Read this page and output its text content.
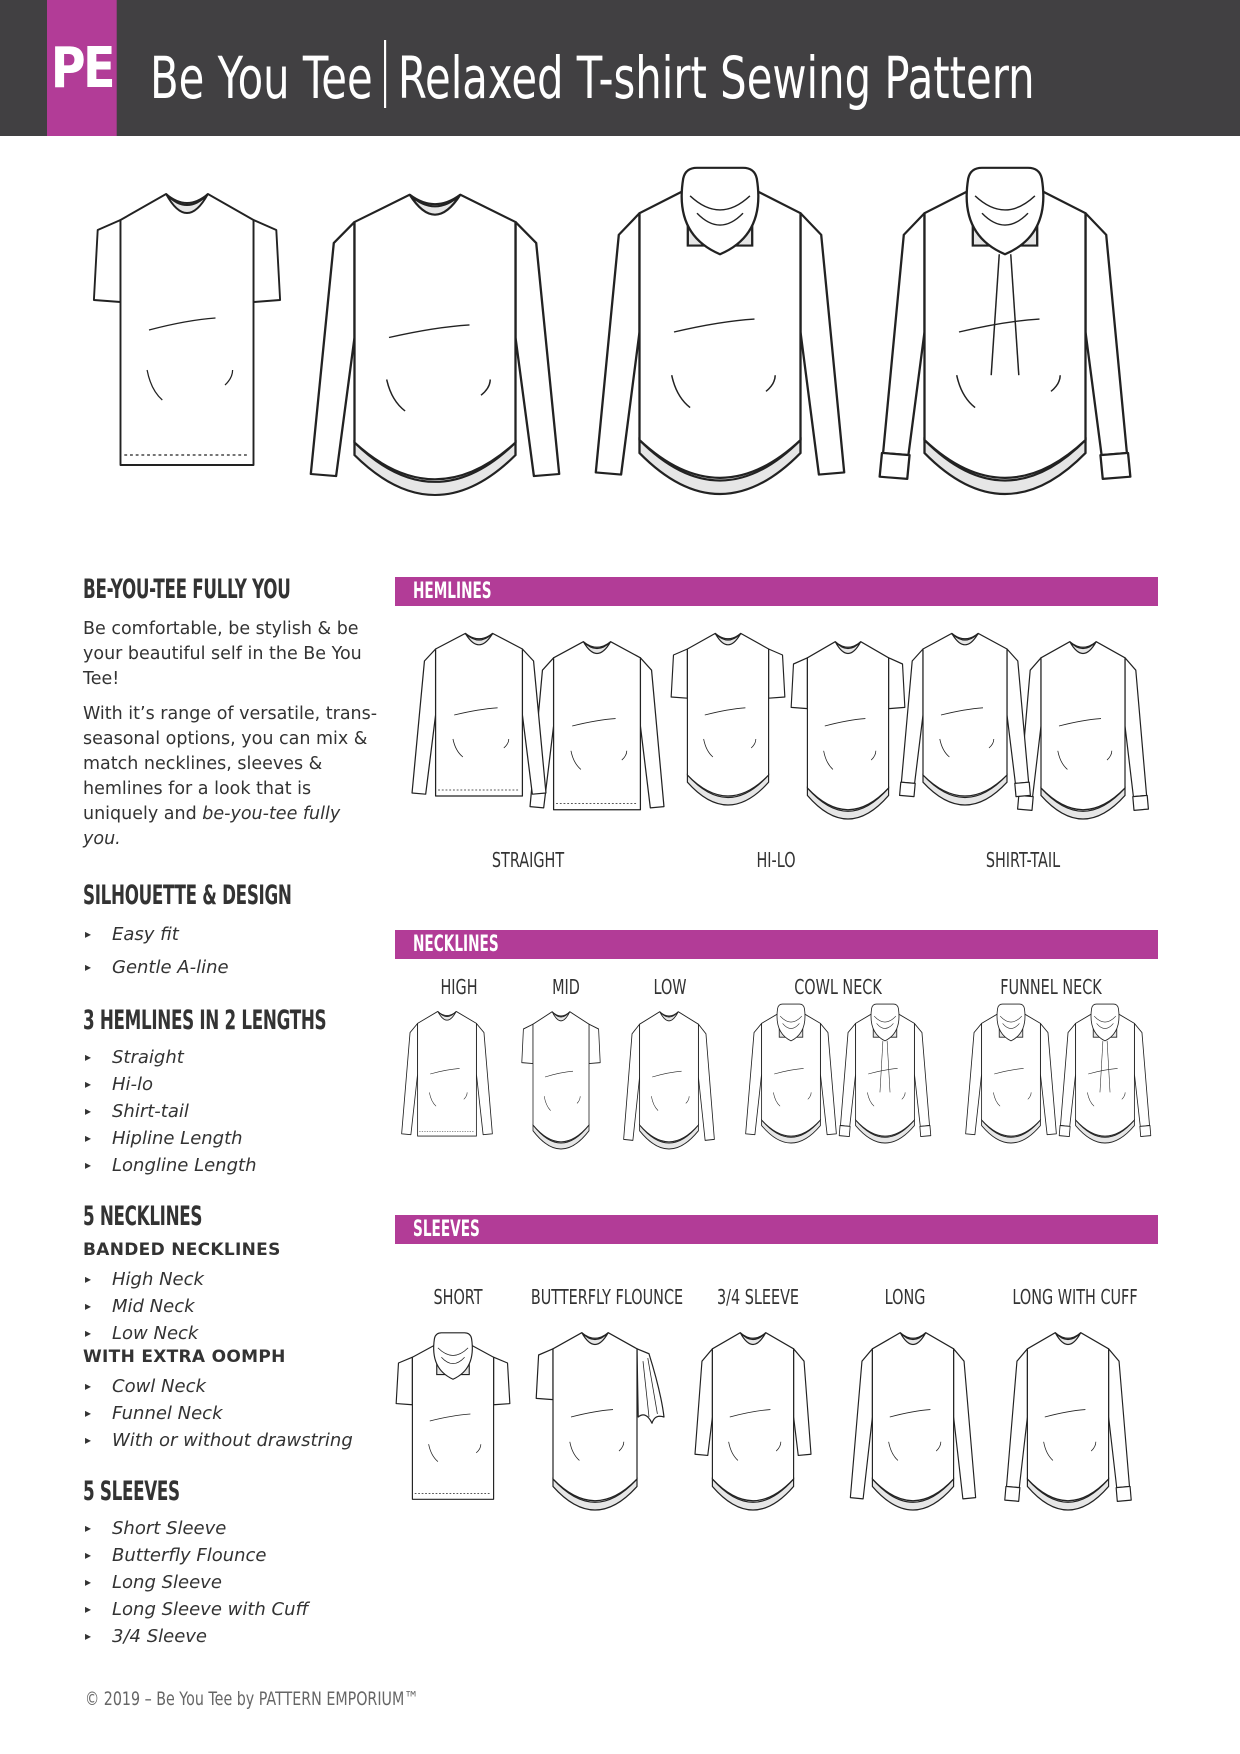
PE Be You Tee Relaxed T-shirt Sewing Pattern
BE-YOU-TEE FULLY YOU

Be comfortable, be stylish & be your beautiful self in the Be You Tee!

With it’s range of versatile, trans-seasonal options, you can mix & match necklines, sleeves & hemlines for a look that is uniquely and be-you-tee fully you.

SILHOUETTE & DESIGN
▸ Easy fit
▸ Gentle A-line
3 HEMLINES IN 2 LENGTHS
▸ Straight
▸ Hi-lo
▸ Shirt-tail
▸ Hipline Length
▸ Longline Length
5 NECKLINES

BANDED NECKLINES

▸ High Neck
▸ Mid Neck
▸ Low Neck

WITH EXTRA OOMPH

▸ Cowl Neck
▸ Funnel Neck
▸ With or without drawstring
5 SLEEVES
▸ Short Sleeve
▸ Butterfly Flounce
▸ Long Sleeve
▸ Long Sleeve with Cuff
▸ 3/4 Sleeve
HEMLINES
STRAIGHT	HI-LO	SHIRT-TAIL
NECKLINES
HIGH	MID	LOW	COWL NECK	FUNNEL NECK
SLEEVES
SHORT BUTTERFLY FLOUNCE 3/4 SLEEVE	LONG	LONG WITH CUFF
© 2019 – Be You Tee by PATTERN EMPORIUM™
